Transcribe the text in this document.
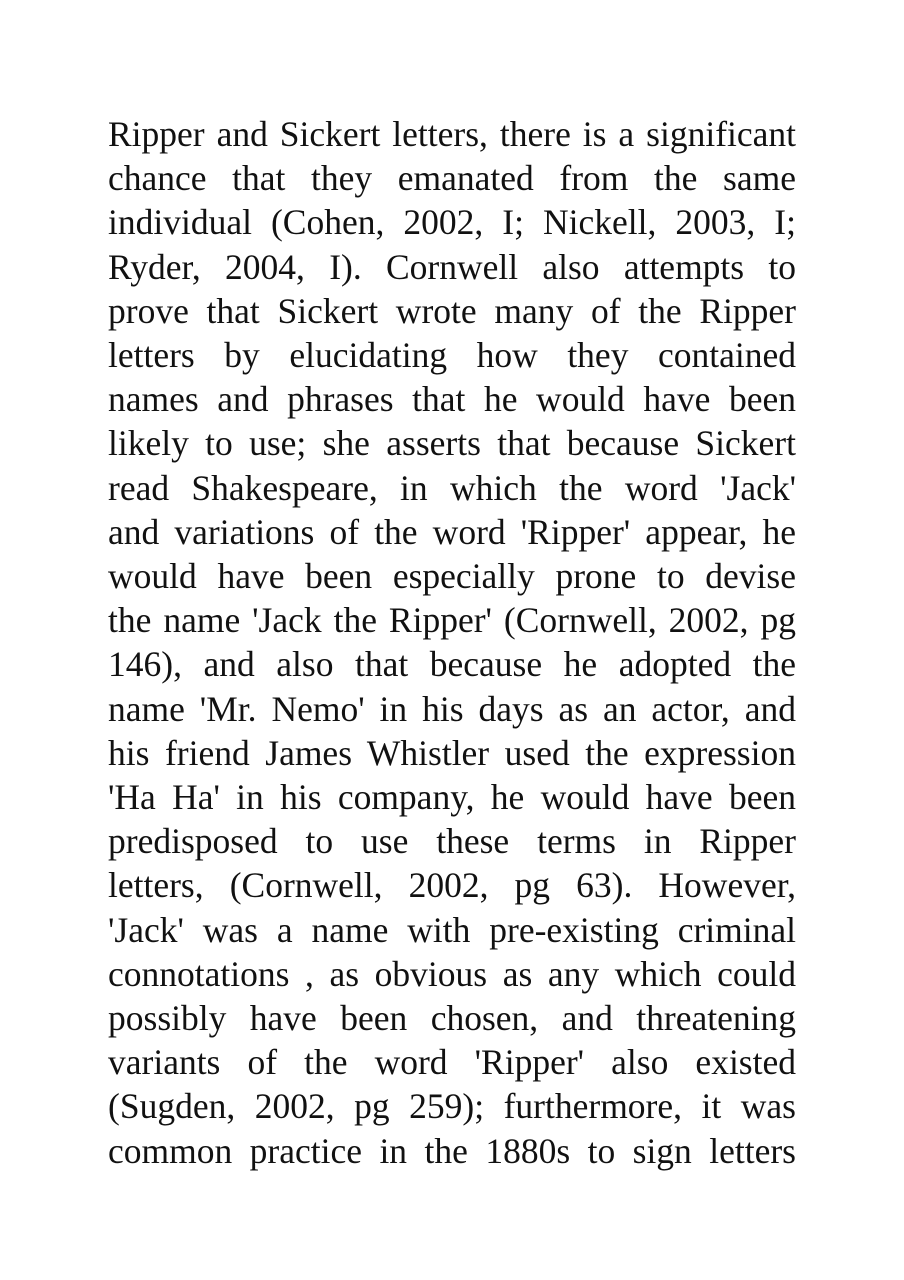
Ripper and Sickert letters, there is a significant
chance that they emanated from the same
individual (Cohen, 2002, I; Nickell, 2003, I;
Ryder, 2004, I). Cornwell also attempts to
prove that Sickert wrote many of the Ripper
letters by elucidating how they contained
names and phrases that he would have been
likely to use; she asserts that because Sickert
read Shakespeare, in which the word 'Jack'
and variations of the word 'Ripper' appear, he
would have been especially prone to devise
the name 'Jack the Ripper' (Cornwell, 2002, pg
146), and also that because he adopted the
name 'Mr. Nemo' in his days as an actor, and
his friend James Whistler used the expression
'Ha Ha' in his company, he would have been
predisposed to use these terms in Ripper
letters, (Cornwell, 2002, pg 63). However,
'Jack' was a name with pre-existing criminal
connotations , as obvious as any which could
possibly have been chosen, and threatening
variants of the word 'Ripper' also existed
(Sugden, 2002, pg 259); furthermore, it was
common practice in the 1880s to sign letters
